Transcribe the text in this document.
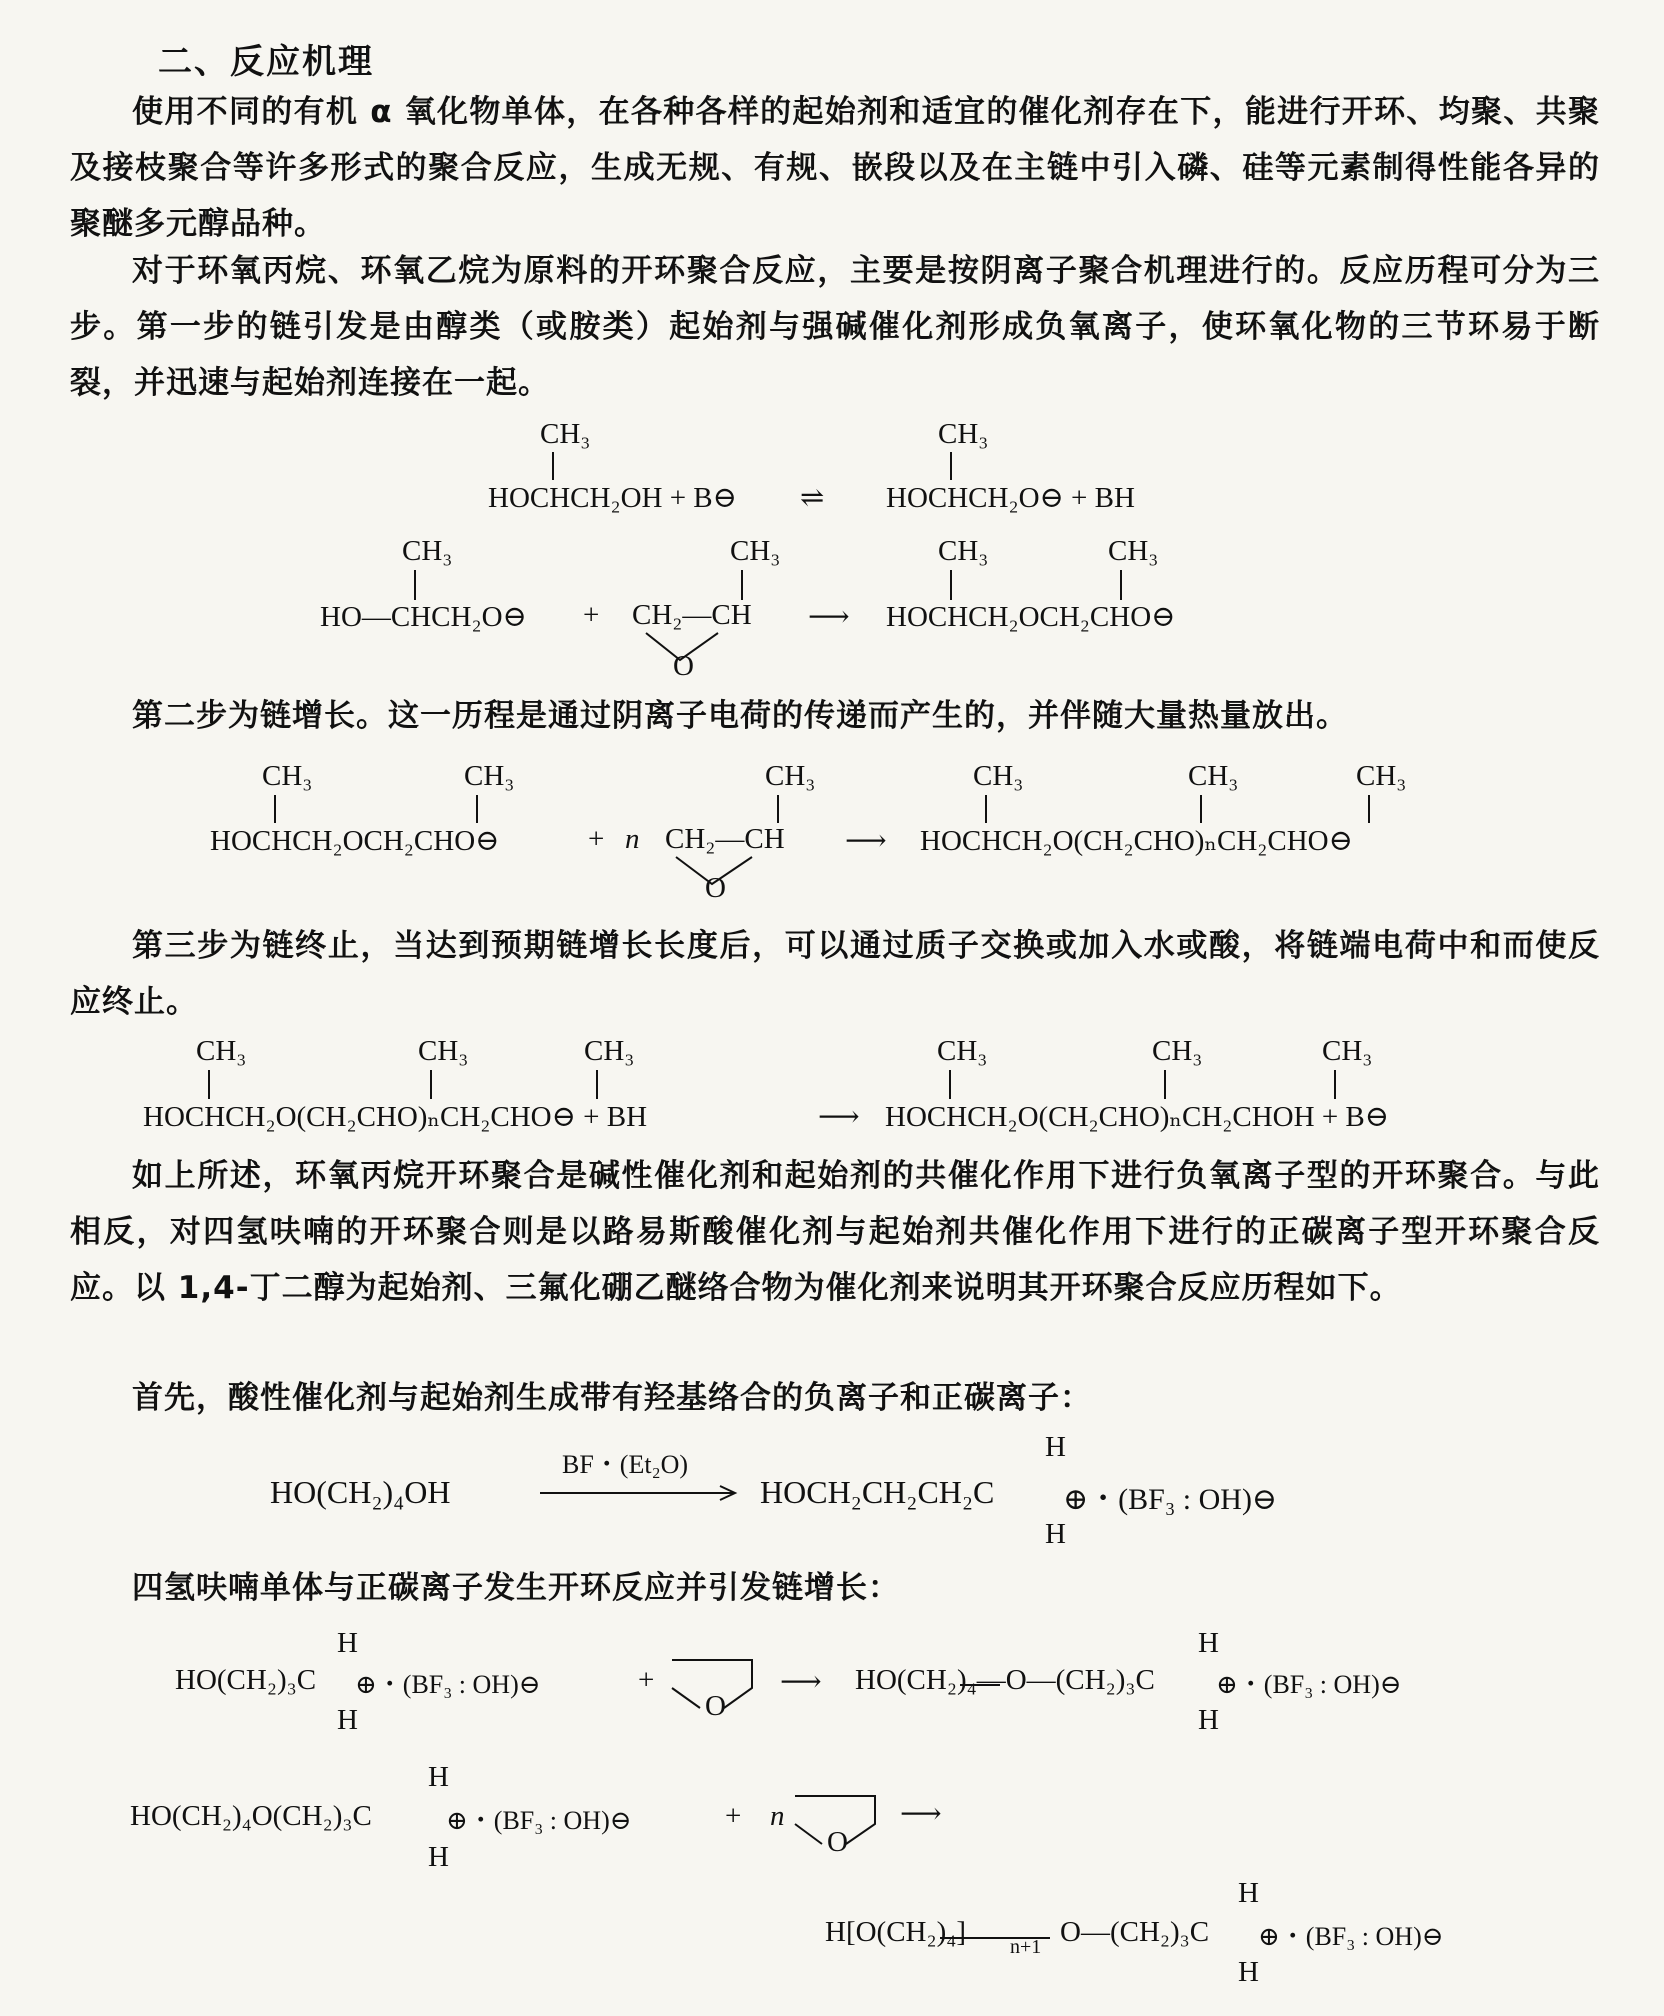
二、反应机理
使用不同的有机 α 氧化物单体，在各种各样的起始剂和适宜的催化剂存在下，能进行开环、均聚、共聚及接枝聚合等许多形式的聚合反应，生成无规、有规、嵌段以及在主链中引入磷、硅等元素制得性能各异的聚醚多元醇品种。
对于环氧丙烷、环氧乙烷为原料的开环聚合反应，主要是按阴离子聚合机理进行的。反应历程可分为三步。第一步的链引发是由醇类（或胺类）起始剂与强碱催化剂形成负氧离子，使环氧化物的三节环易于断裂，并迅速与起始剂连接在一起。
CH₃
HOCHCH₂OH + B⊖ ⇌
CH₃
HOCHCH₂O⊖ + BH
CH₃
HO—CHCH₂O⊖ +
CH₃
CH₂—CH
O
⟶
CH₃	CH₃
HOCHCH₂OCH₂CHO⊖
第二步为链增长。这一历程是通过阴离子电荷的传递而产生的，并伴随大量热量放出。
CH₃	CH₃
HOCHCH₂OCH₂CHO⊖	+ n
CH₃
CH₂—CH
O
⟶
CH₃	CH₃	CH₃
HOCHCH₂O(CH₂CHO)ₙCH₂CHO⊖
第三步为链终止，当达到预期链增长长度后，可以通过质子交换或加入水或酸，将链端电荷中和而使反应终止。
CH₃	CH₃	CH₃
HOCHCH₂O(CH₂CHO)ₙCH₂CHO⊖ + BH	⟶
CH₃	CH₃	CH₃
HOCHCH₂O(CH₂CHO)ₙCH₂CHOH + B⊖
如上所述，环氧丙烷开环聚合是碱性催化剂和起始剂的共催化作用下进行负氧离子型的开环聚合。与此相反，对四氢呋喃的开环聚合则是以路易斯酸催化剂与起始剂共催化作用下进行的正碳离子型开环聚合反应。以 1,4-丁二醇为起始剂、三氟化硼乙醚络合物为催化剂来说明其开环聚合反应历程如下。
首先，酸性催化剂与起始剂生成带有羟基络合的负离子和正碳离子：
HO(CH₂)₄OH
BF・(Et₂O)
H
HOCH₂CH₂CH₂C ⊕・(BF₃ : OH)⊖
H
四氢呋喃单体与正碳离子发生开环反应并引发链增长：
H
HO(CH₂)₃C ⊕・(BF₃ : OH)⊖
H
+
O
⟶
H
HO(CH₂)₄—O—(CH₂)₃C ⊕・(BF₃ : OH)⊖
H
H
HO(CH₂)₄O(CH₂)₃C	⊕・(BF₃ : OH)⊖
H
+ n
O
⟶
H
H[O(CH₂)₄] n+1 O—(CH₂)₃C ⊕・(BF₃ : OH)⊖
H
